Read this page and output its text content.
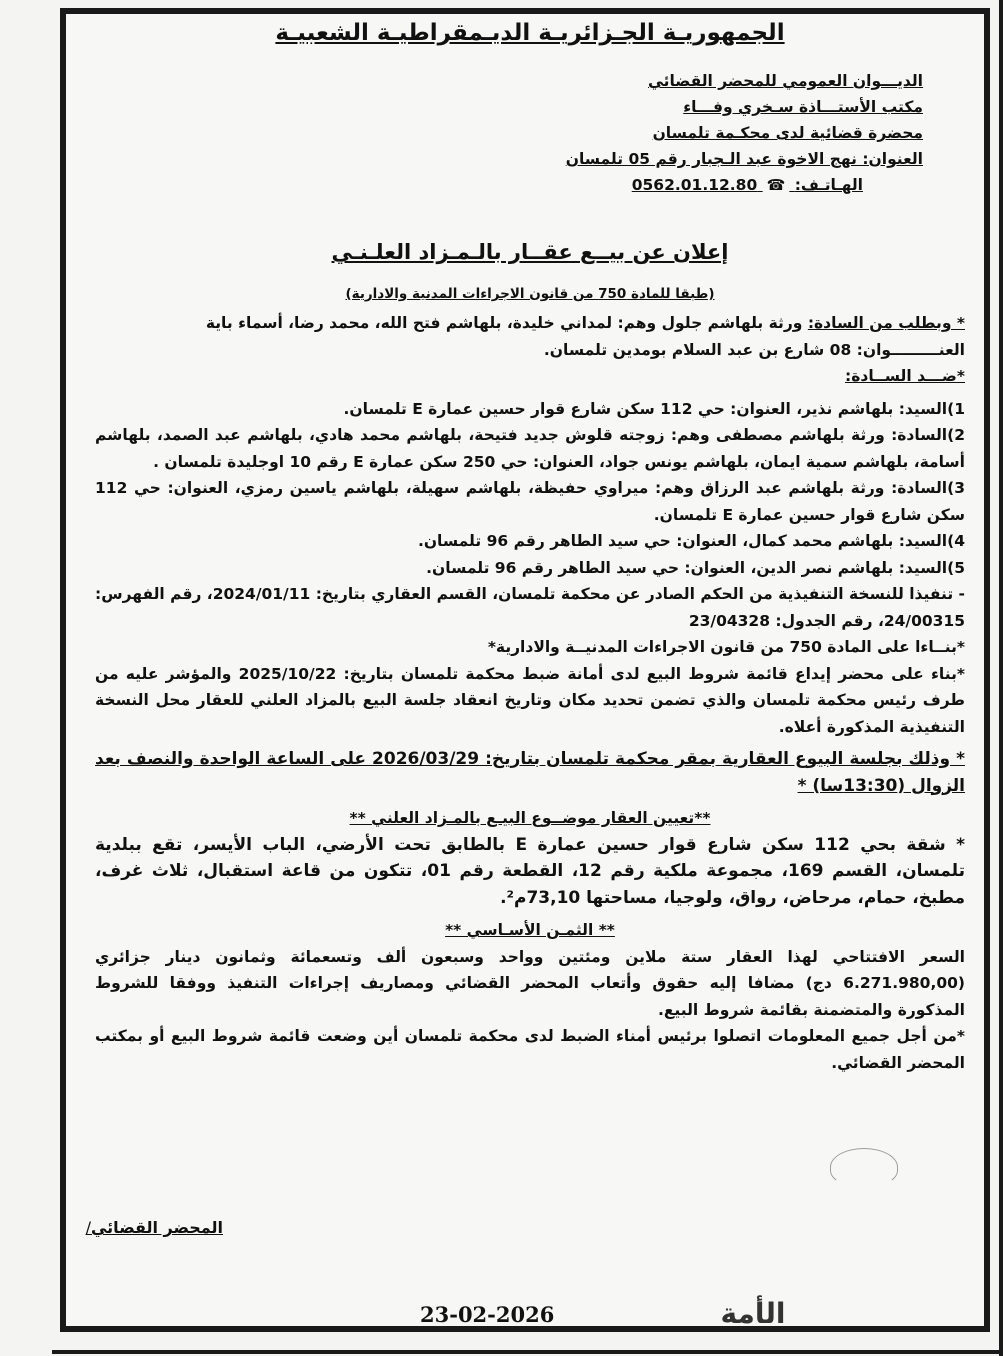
الجمهوريـة الجـزائريـة الديـمقراطيـة الشعبيـة
الديـــوان العمومي للمحضر القضائي
مكتب الأستـــاذة سـخري وفـــاء
محضرة قضائية لدى محكـمة تلمسان
العنوان: نهج الاخوة عبد الـجبار رقم 05 تلمسان
الهـاتـف: ☎ 0562.01.12.80
إعلان عن بيــع عقــار بالـمـزاد العلـنـي
(طبقا للمادة 750 من قانون الاجراءات المدنية والادارية)

* وبطلب من السادة: ورثة بلهاشم جلول وهم: لمداني خليدة، بلهاشم فتح الله، محمد رضا، أسماء باية

العنـــــــــوان: 08 شارع بن عبد السلام بومدين تلمسان.

*ضـــد الســادة:

1)السيد: بلهاشم نذير، العنوان: حي 112 سكن شارع قوار حسين عمارة E تلمسان.

2)السادة: ورثة بلهاشم مصطفى وهم: زوجته قلوش جديد فتيحة، بلهاشم محمد هادي، بلهاشم عبد الصمد، بلهاشم أسامة، بلهاشم سمية ايمان، بلهاشم يونس جواد، العنوان: حي 250 سكن عمارة E رقم 10 اوجليدة تلمسان .

3)السادة: ورثة بلهاشم عبد الرزاق وهم: ميراوي حفيظة، بلهاشم سهيلة، بلهاشم ياسين رمزي، العنوان: حي 112 سكن شارع قوار حسين عمارة E تلمسان.

4)السيد: بلهاشم محمد كمال، العنوان: حي سيد الطاهر رقم 96 تلمسان.

5)السيد: بلهاشم نصر الدين، العنوان: حي سيد الطاهر رقم 96 تلمسان.

- تنفيذا للنسخة التنفيذية من الحكم الصادر عن محكمة تلمسان، القسم العقاري بتاريخ: 2024/01/11، رقم الفهرس: 24/00315، رقم الجدول: 23/04328

*بنــاءا على المادة 750 من قانون الاجراءات المدنيــة والادارية*

*بناء على محضر إيداع قائمة شروط البيع لدى أمانة ضبط محكمة تلمسان بتاريخ: 2025/10/22 والمؤشر عليه من طرف رئيس محكمة تلمسان والذي تضمن تحديد مكان وتاريخ انعقاد جلسة البيع بالمزاد العلني للعقار محل النسخة التنفيذية المذكورة أعلاه.

* وذلك بجلسة البيوع العقارية بمقر محكمة تلمسان بتاريخ: 2026/03/29 على الساعة الواحدة والنصف بعد الزوال (13:30سا) *

**تعيين العقار موضــوع البيـع بالمـزاد العلني **

* شقة بحي 112 سكن شارع قوار حسين عمارة E بالطابق تحت الأرضي، الباب الأيسر، تقع ببلدية تلمسان، القسم 169، مجموعة ملكية رقم 12، القطعة رقم 01، تتكون من قاعة استقبال، ثلاث غرف، مطبخ، حمام، مرحاض، رواق، ولوجيا، مساحتها 73,10م².

** الثمـن الأسـاسي **

السعر الافتتاحي لهذا العقار ستة ملاين ومئتين وواحد وسبعون ألف وتسعمائة وثمانون دينار جزائري (6.271.980,00 دج) مضافا إليه حقوق وأتعاب المحضر القضائي ومصاريف إجراءات التنفيذ ووفقا للشروط المذكورة والمتضمنة بقائمة شروط البيع.

*من أجل جميع المعلومات اتصلوا برئيس أمناء الضبط لدى محكمة تلمسان أين وضعت قائمة شروط البيع أو بمكتب المحضر القضائي.

المحضر القضائي/
23-02-2026	الأمة
